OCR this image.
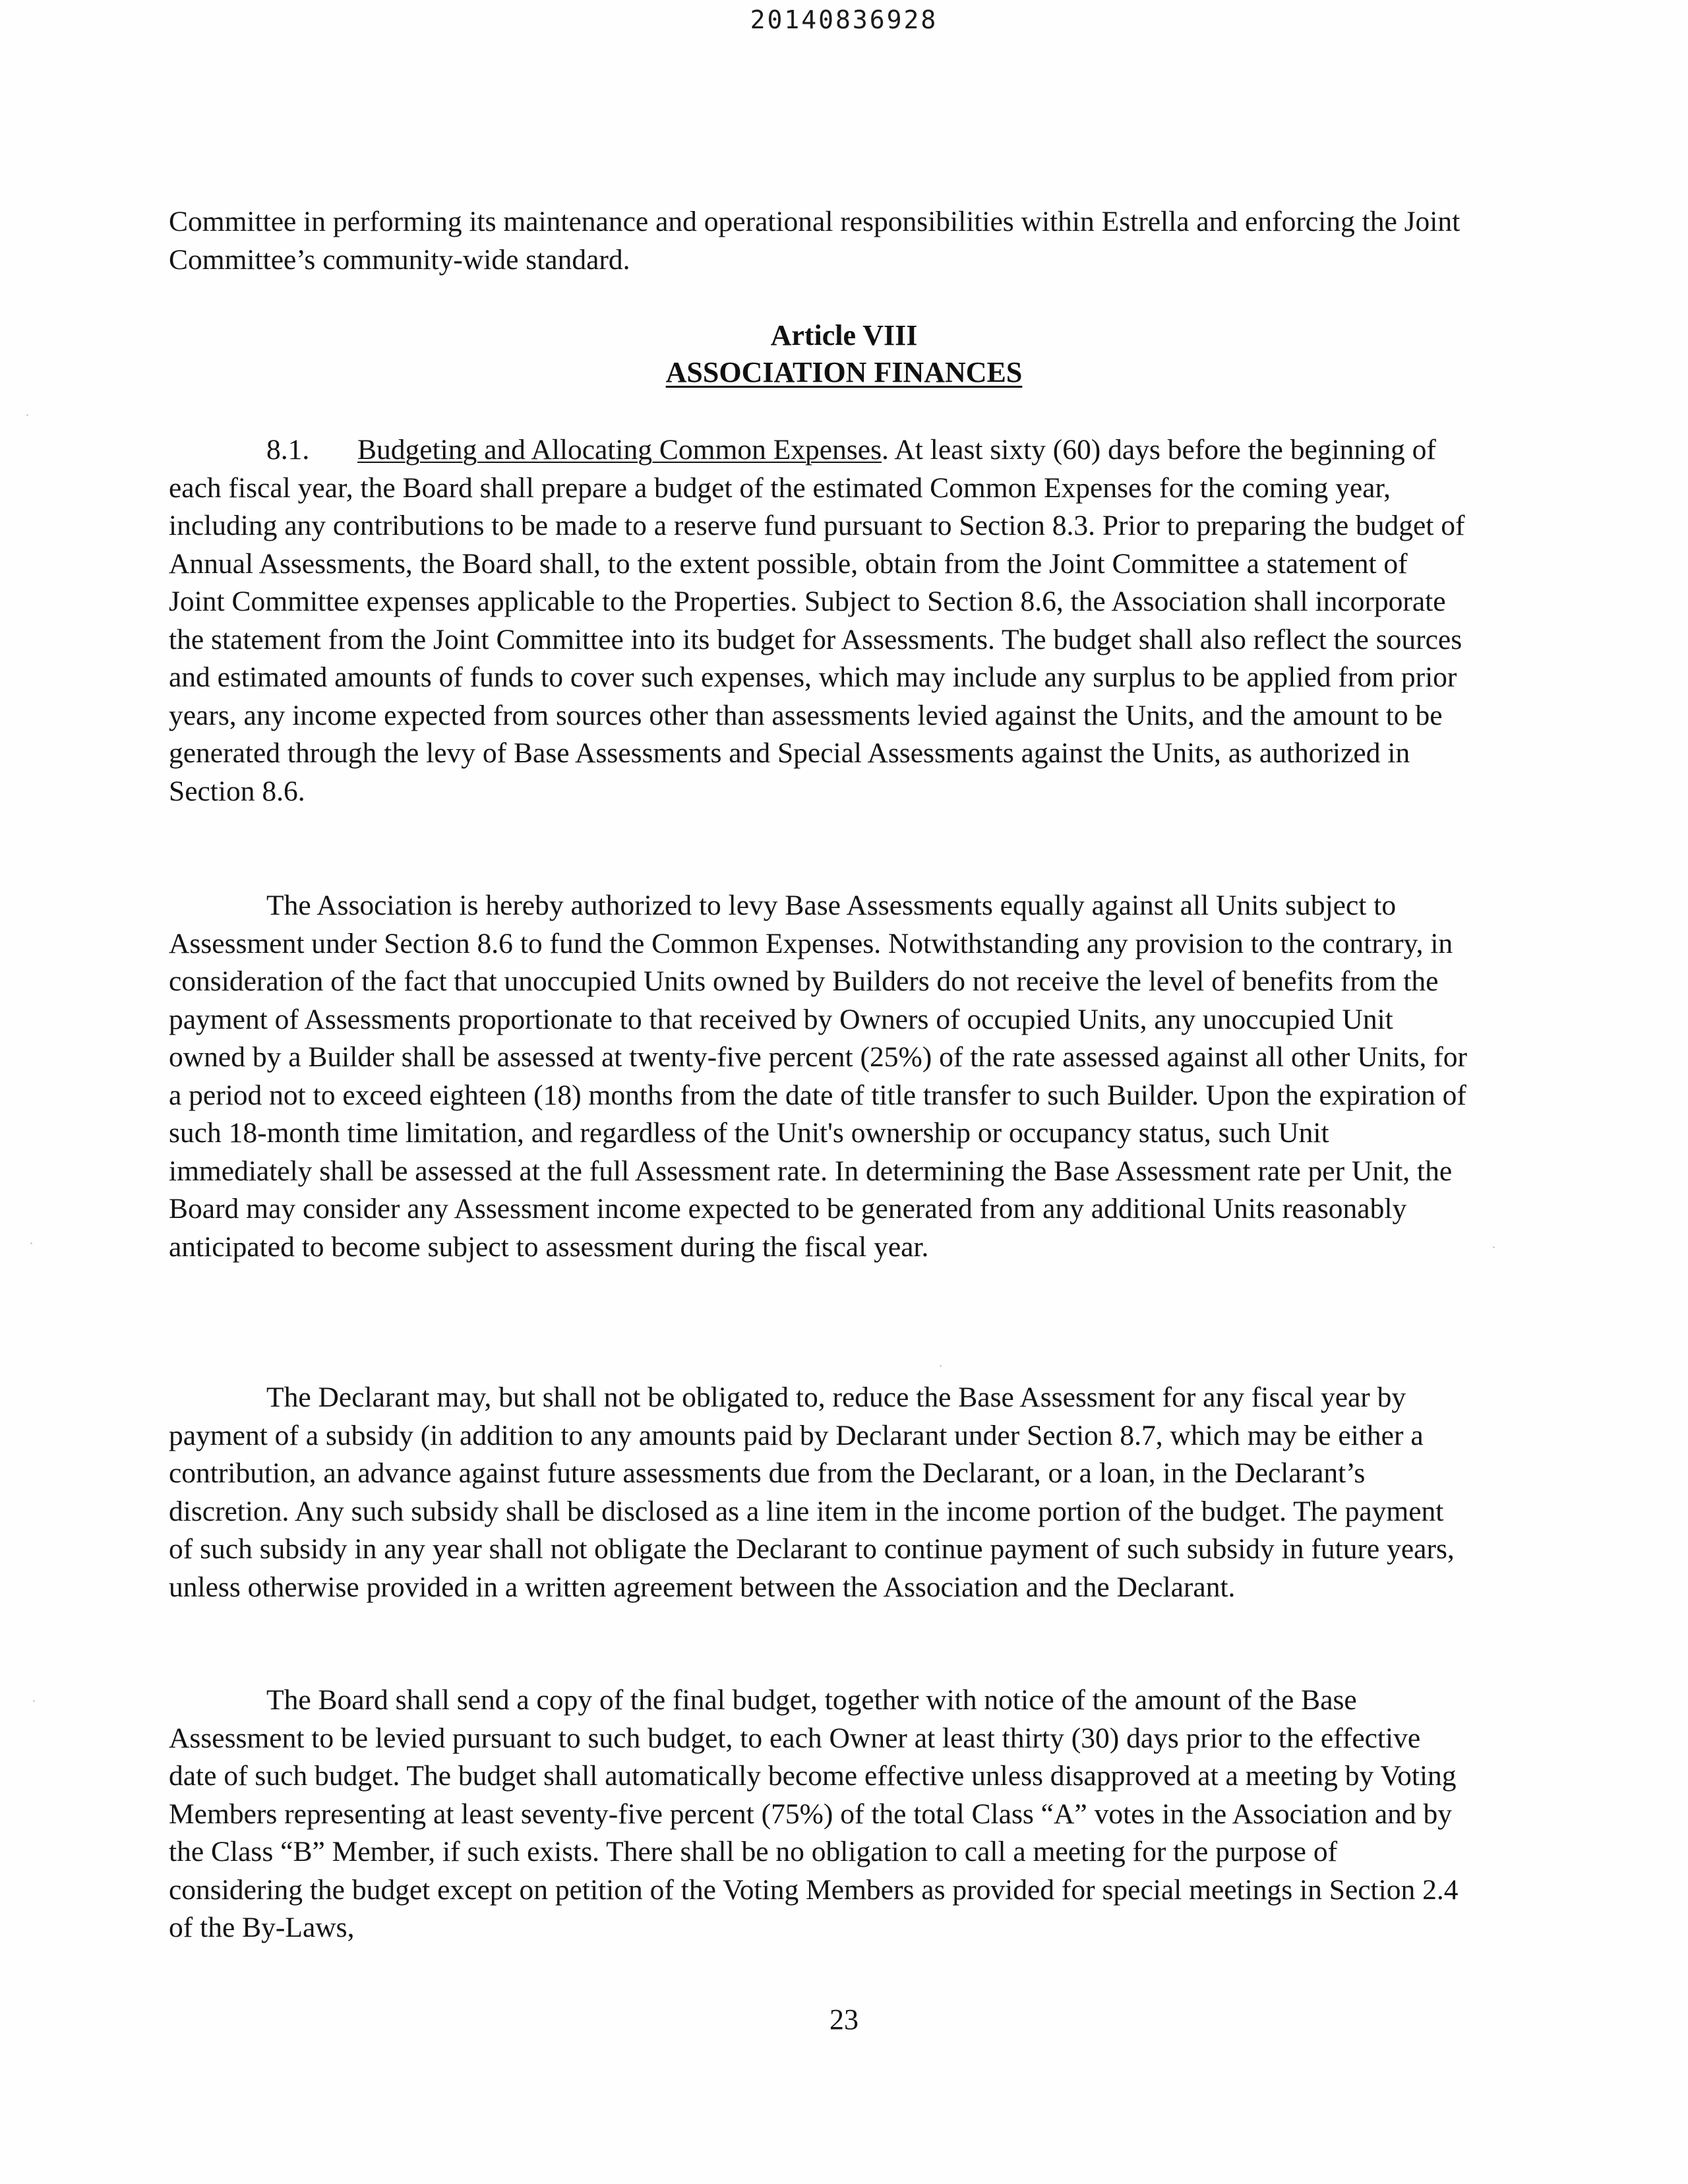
20140836928

Committee in performing its maintenance and operational responsibilities within Estrella and enforcing the Joint Committee’s community-wide standard.

Article VIII
ASSOCIATION FINANCES

8.1. Budgeting and Allocating Common Expenses. At least sixty (60) days before the beginning of each fiscal year, the Board shall prepare a budget of the estimated Common Expenses for the coming year, including any contributions to be made to a reserve fund pursuant to Section 8.3. Prior to preparing the budget of Annual Assessments, the Board shall, to the extent possible, obtain from the Joint Committee a statement of Joint Committee expenses applicable to the Properties. Subject to Section 8.6, the Association shall incorporate the statement from the Joint Committee into its budget for Assessments. The budget shall also reflect the sources and estimated amounts of funds to cover such expenses, which may include any surplus to be applied from prior years, any income expected from sources other than assessments levied against the Units, and the amount to be generated through the levy of Base Assessments and Special Assessments against the Units, as authorized in Section 8.6.

The Association is hereby authorized to levy Base Assessments equally against all Units subject to Assessment under Section 8.6 to fund the Common Expenses. Notwithstanding any provision to the contrary, in consideration of the fact that unoccupied Units owned by Builders do not receive the level of benefits from the payment of Assessments proportionate to that received by Owners of occupied Units, any unoccupied Unit owned by a Builder shall be assessed at twenty-five percent (25%) of the rate assessed against all other Units, for a period not to exceed eighteen (18) months from the date of title transfer to such Builder. Upon the expiration of such 18-month time limitation, and regardless of the Unit's ownership or occupancy status, such Unit immediately shall be assessed at the full Assessment rate. In determining the Base Assessment rate per Unit, the Board may consider any Assessment income expected to be generated from any additional Units reasonably anticipated to become subject to assessment during the fiscal year.

The Declarant may, but shall not be obligated to, reduce the Base Assessment for any fiscal year by payment of a subsidy (in addition to any amounts paid by Declarant under Section 8.7, which may be either a contribution, an advance against future assessments due from the Declarant, or a loan, in the Declarant’s discretion. Any such subsidy shall be disclosed as a line item in the income portion of the budget. The payment of such subsidy in any year shall not obligate the Declarant to continue payment of such subsidy in future years, unless otherwise provided in a written agreement between the Association and the Declarant.

The Board shall send a copy of the final budget, together with notice of the amount of the Base Assessment to be levied pursuant to such budget, to each Owner at least thirty (30) days prior to the effective date of such budget. The budget shall automatically become effective unless disapproved at a meeting by Voting Members representing at least seventy-five percent (75%) of the total Class “A” votes in the Association and by the Class “B” Member, if such exists. There shall be no obligation to call a meeting for the purpose of considering the budget except on petition of the Voting Members as provided for special meetings in Section 2.4 of the By-Laws,

23
